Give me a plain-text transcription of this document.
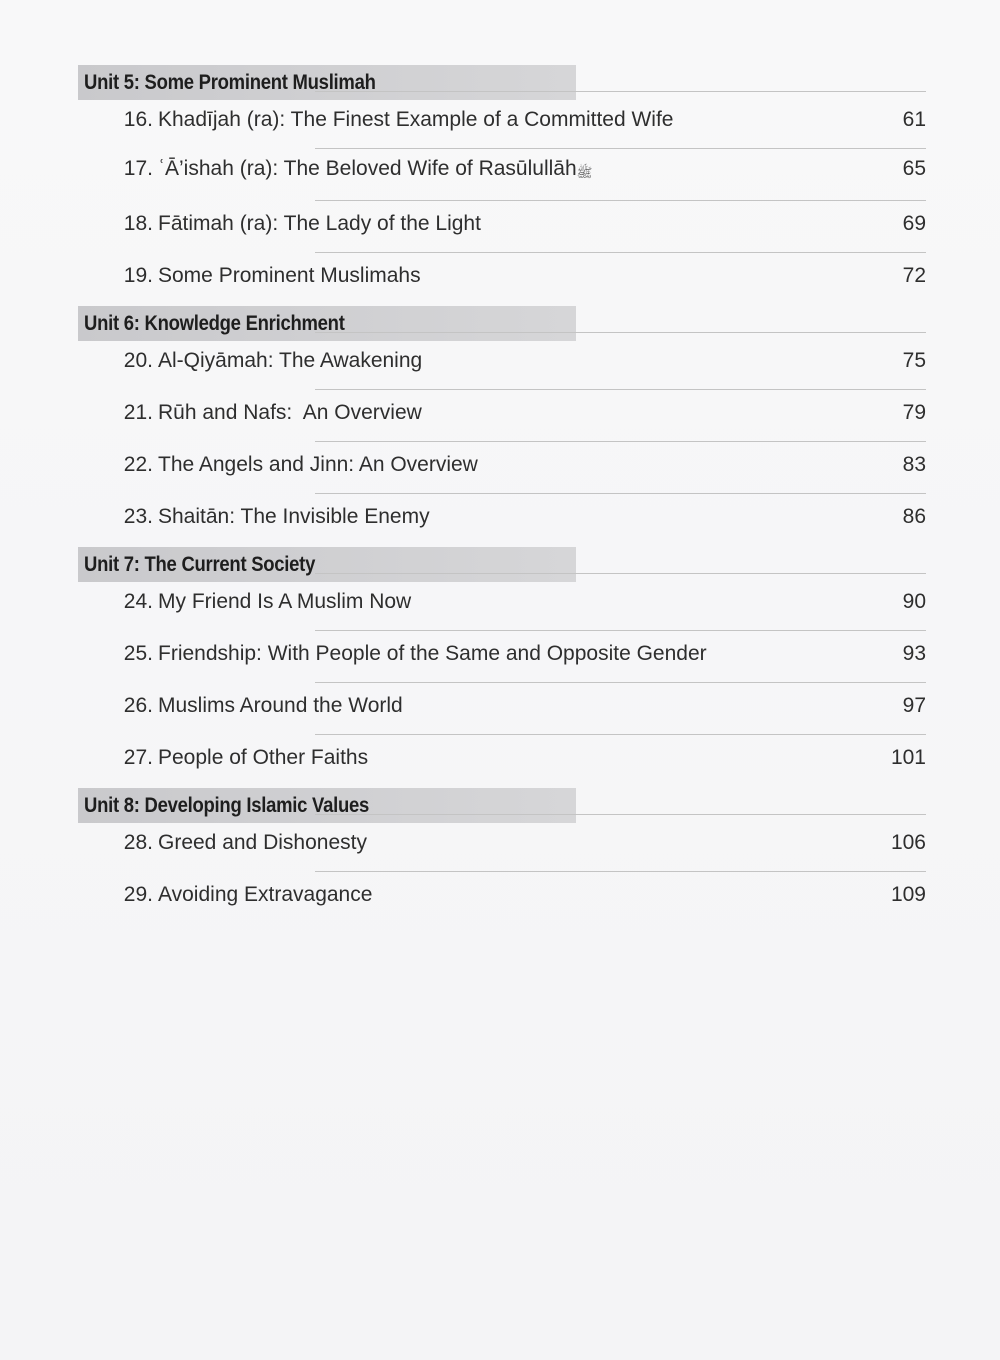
Unit 5: Some Prominent Muslimah
16. Khadījah (ra): The Finest Example of a Committed Wife	61
17. ʿĀ’ishah (ra): The Beloved Wife of Rasūlullāhﷺ	65
18. Fātimah (ra): The Lady of the Light	69
19. Some Prominent Muslimahs	72
Unit 6: Knowledge Enrichment
20. Al-Qiyāmah: The Awakening	75
21. Rūh and Nafs:  An Overview	79
22. The Angels and Jinn: An Overview	83
23. Shaitān: The Invisible Enemy	86
Unit 7: The Current Society
24. My Friend Is A Muslim Now	90
25. Friendship: With People of the Same and Opposite Gender	93
26. Muslims Around the World	97
27. People of Other Faiths	101
Unit 8: Developing Islamic Values
28. Greed and Dishonesty	106
29. Avoiding Extravagance	109
